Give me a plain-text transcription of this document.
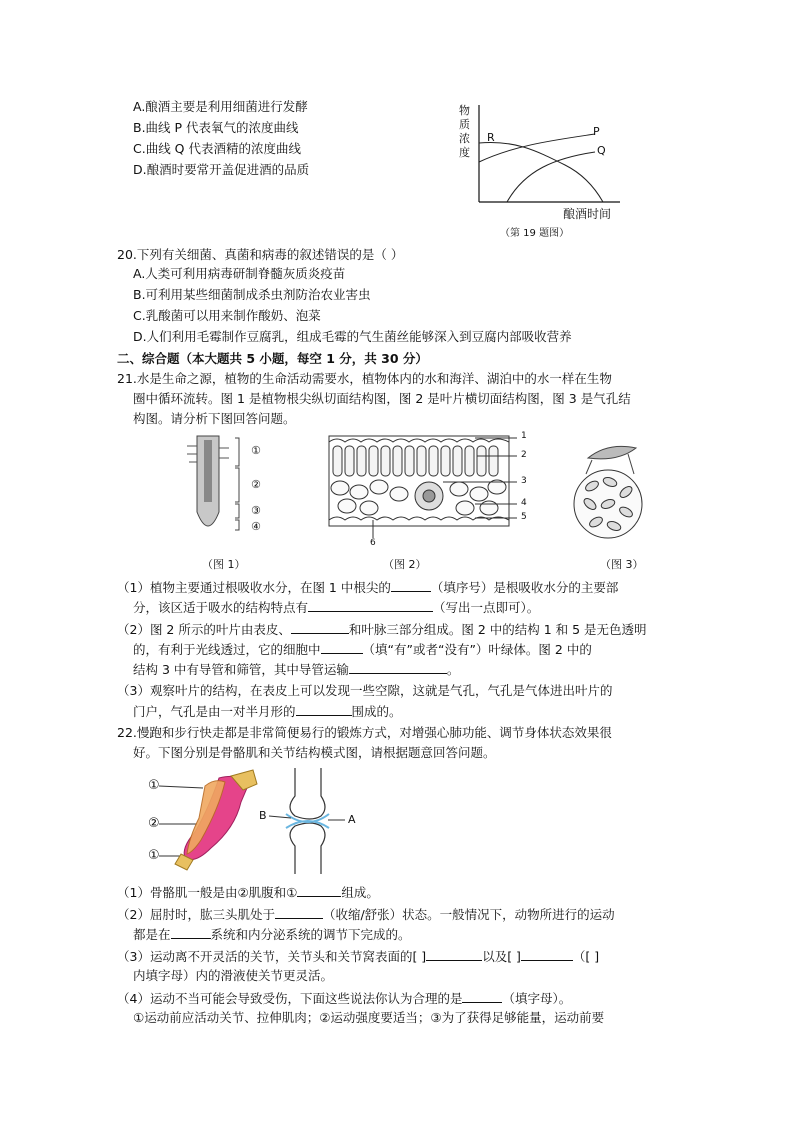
A.酿酒主要是利用细菌进行发酵
B.曲线 P 代表氧气的浓度曲线
C.曲线 Q 代表酒精的浓度曲线
D.酿酒时要常开盖促进酒的品质
物
质
浓
度
R	P
Q
酿酒时间
（第 19 题图）
20.下列有关细菌、真菌和病毒的叙述错误的是（ ）
A.人类可利用病毒研制脊髓灰质炎疫苗
B.可利用某些细菌制成杀虫剂防治农业害虫
C.乳酸菌可以用来制作酸奶、泡菜
D.人们利用毛霉制作豆腐乳，组成毛霉的气生菌丝能够深入到豆腐内部吸收营养
二、综合题（本大题共 5 小题，每空 1 分，共 30 分）
21.水是生命之源，植物的生命活动需要水，植物体内的水和海洋、湖泊中的水一样在生物
圈中循环流转。图 1 是植物根尖纵切面结构图，图 2 是叶片横切面结构图，图 3 是气孔结
构图。请分析下图回答问题。
①
②
③
④
（图 1）
1
2
3
4
5
6
（图 2）	（图 3）
（1）植物主要通过根吸收水分，在图 1 中根尖的	（填序号）是根吸收水分的主要部
分，该区适于吸水的结构特点有	（写出一点即可）。
（2）图 2 所示的叶片由表皮、	和叶脉三部分组成。图 2 中的结构 1 和 5 是无色透明
的，有利于光线透过，它的细胞中	（填“有”或者“没有”）叶绿体。图 2 中的
结构 3 中有导管和筛管，其中导管运输	。
（3）观察叶片的结构，在表皮上可以发现一些空隙，这就是气孔，气孔是气体进出叶片的
门户，气孔是由一对半月形的	围成的。
22.慢跑和步行快走都是非常简便易行的锻炼方式，对增强心肺功能、调节身体状态效果很
好。下图分别是骨骼肌和关节结构模式图，请根据题意回答问题。
①
②
①
B	A
（1）骨骼肌一般是由②肌腹和①	组成。
（2）屈肘时，肱三头肌处于	（收缩/舒张）状态。一般情况下，动物所进行的运动
都是在	系统和内分泌系统的调节下完成的。
（3）运动离不开灵活的关节，关节头和关节窝表面的[ ]	以及[ ]	（[ ]
内填字母）内的滑液使关节更灵活。
（4）运动不当可能会导致受伤，下面这些说法你认为合理的是	（填字母）。
①运动前应活动关节、拉伸肌肉；②运动强度要适当；③为了获得足够能量，运动前要
